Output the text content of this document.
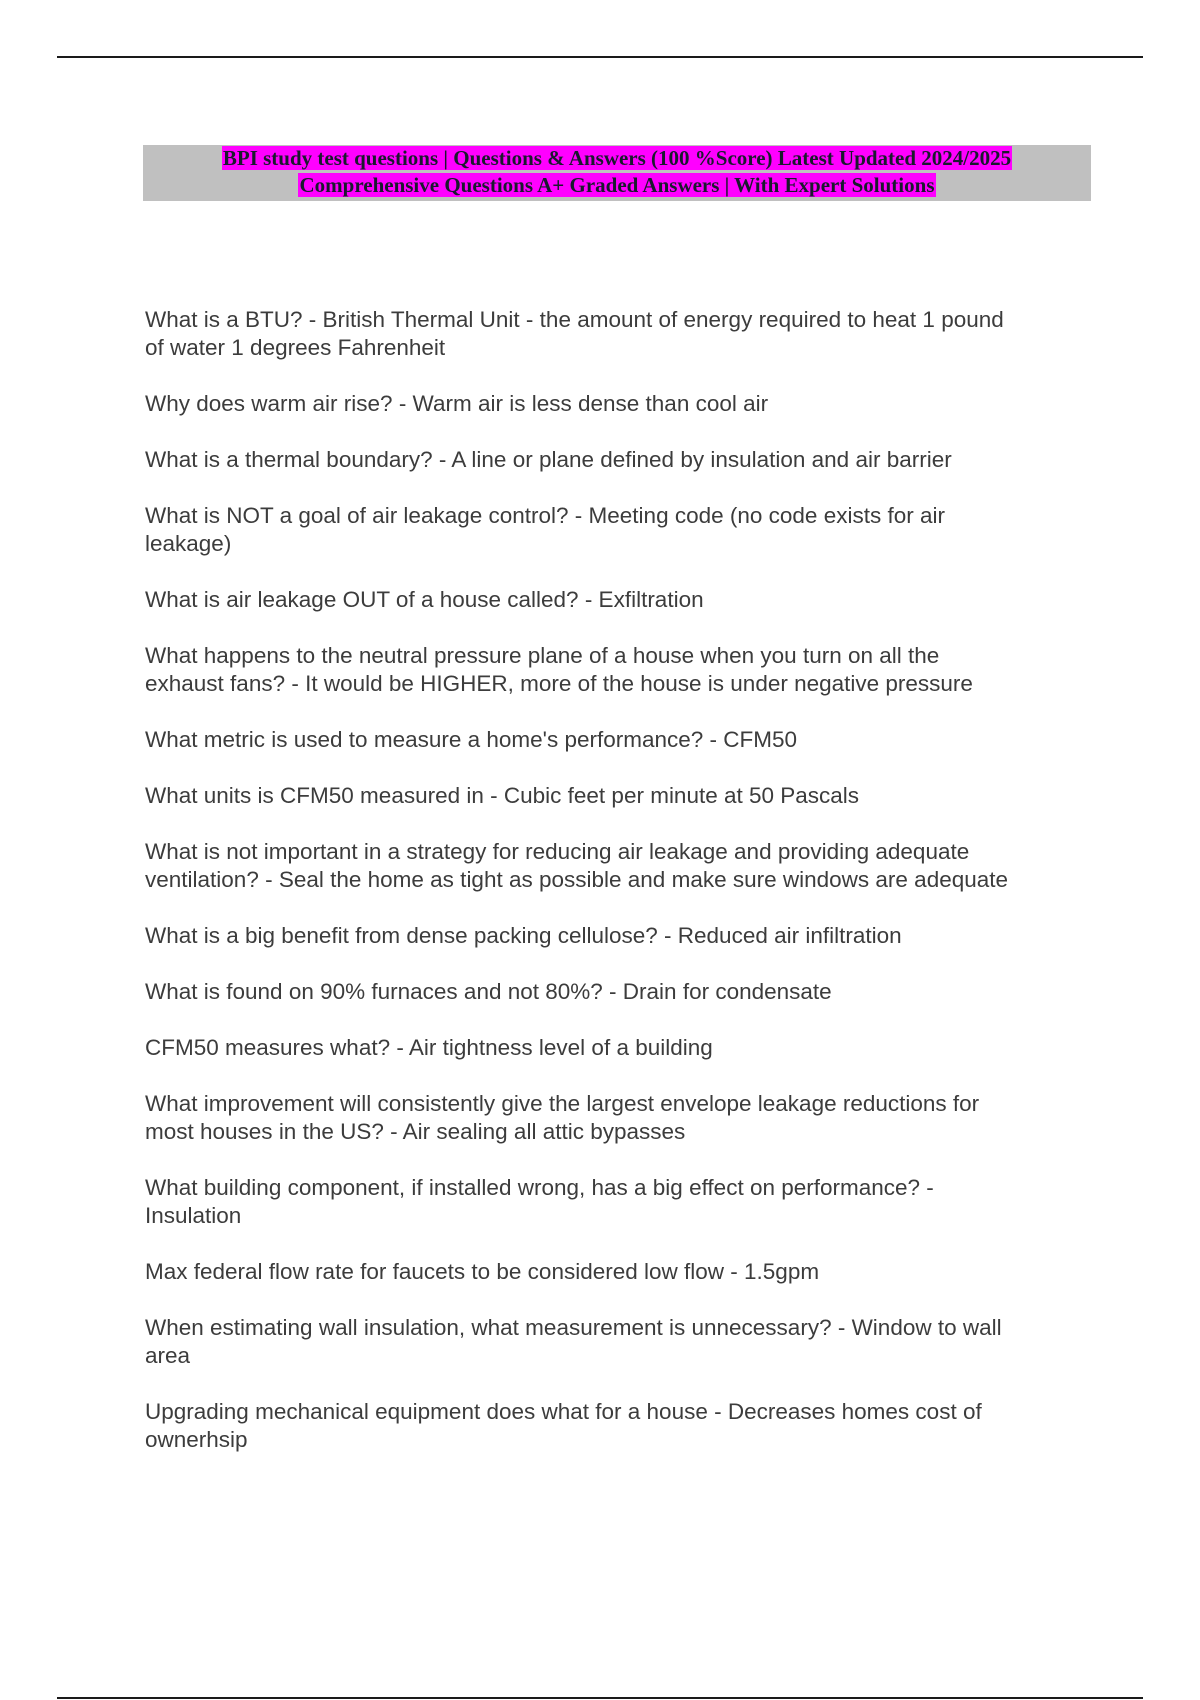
BPI study test questions | Questions & Answers (100 %Score) Latest Updated 2024/2025
Comprehensive Questions A+ Graded Answers | With Expert Solutions
What is a BTU? - British Thermal Unit - the amount of energy required to heat 1 pound
of water 1 degrees Fahrenheit
Why does warm air rise? - Warm air is less dense than cool air
What is a thermal boundary? - A line or plane defined by insulation and air barrier
What is NOT a goal of air leakage control? - Meeting code (no code exists for air
leakage)
What is air leakage OUT of a house called? - Exfiltration
What happens to the neutral pressure plane of a house when you turn on all the
exhaust fans? - It would be HIGHER, more of the house is under negative pressure
What metric is used to measure a home's performance? - CFM50
What units is CFM50 measured in - Cubic feet per minute at 50 Pascals
What is not important in a strategy for reducing air leakage and providing adequate
ventilation? - Seal the home as tight as possible and make sure windows are adequate
What is a big benefit from dense packing cellulose? - Reduced air infiltration
What is found on 90% furnaces and not 80%? - Drain for condensate
CFM50 measures what? - Air tightness level of a building
What improvement will consistently give the largest envelope leakage reductions for
most houses in the US? - Air sealing all attic bypasses
What building component, if installed wrong, has a big effect on performance? -
Insulation
Max federal flow rate for faucets to be considered low flow - 1.5gpm
When estimating wall insulation, what measurement is unnecessary? - Window to wall
area
Upgrading mechanical equipment does what for a house - Decreases homes cost of
ownerhsip
